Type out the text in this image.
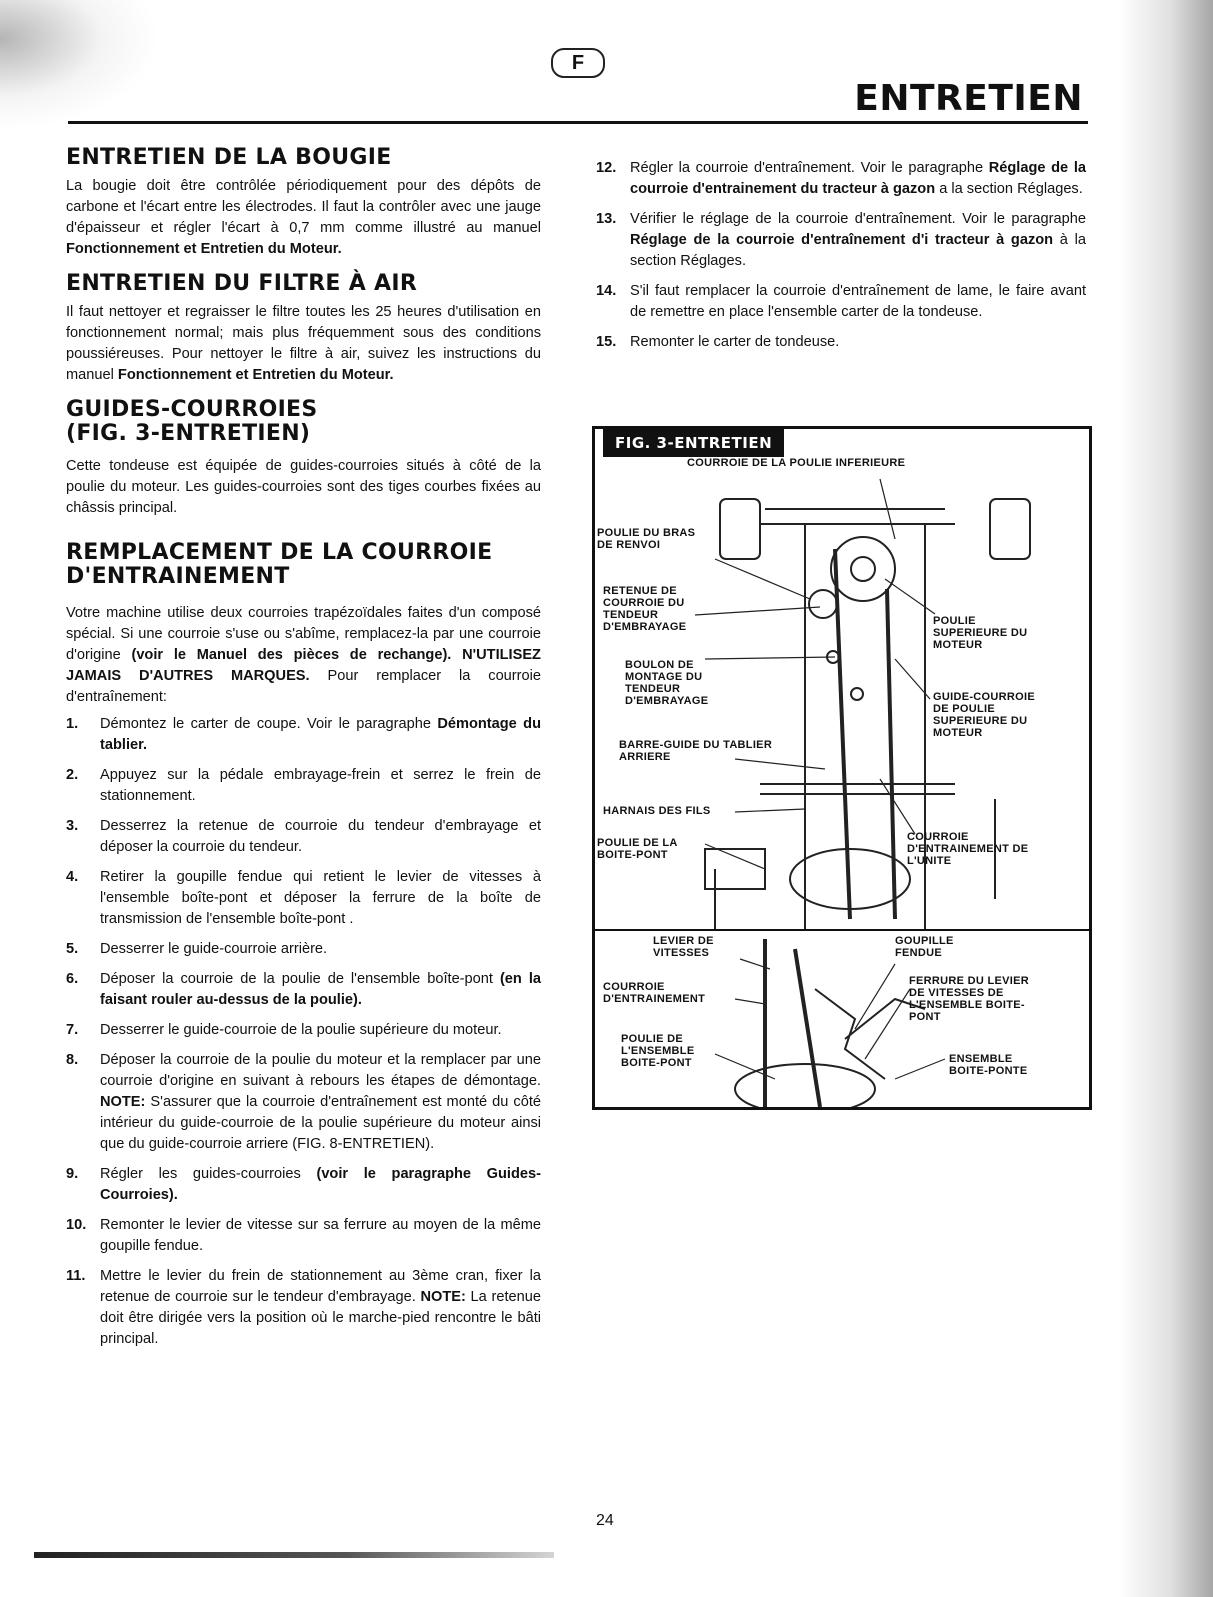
F
ENTRETIEN
ENTRETIEN DE LA BOUGIE

La bougie doit être contrôlée périodiquement pour des dépôts de carbone et l'écart entre les électrodes. Il faut la contrôler avec une jauge d'épaisseur et régler l'écart à 0,7 mm comme illustré au manuel Fonctionnement et Entretien du Moteur.

ENTRETIEN DU FILTRE À AIR

Il faut nettoyer et regraisser le filtre toutes les 25 heures d'utilisation en fonctionnement normal; mais plus fréquemment sous des conditions poussiéreuses. Pour nettoyer le filtre à air, suivez les instructions du manuel Fonctionnement et Entretien du Moteur.

GUIDES-COURROIES
(FIG. 3-ENTRETIEN)

Cette tondeuse est équipée de guides-courroies situés à côté de la poulie du moteur. Les guides-courroies sont des tiges courbes fixées au châssis principal.

REMPLACEMENT DE LA COURROIE
D'ENTRAINEMENT

Votre machine utilise deux courroies trapézoïdales faites d'un composé spécial. Si une courroie s'use ou s'abîme, remplacez-la par une courroie d'origine (voir le Manuel des pièces de rechange). N'UTILISEZ JAMAIS D'AUTRES MARQUES. Pour remplacer la courroie d'entraînement:

1. Démontez le carter de coupe. Voir le paragraphe Démontage du tablier.
2. Appuyez sur la pédale embrayage-frein et serrez le frein de stationnement.
3. Desserrez la retenue de courroie du tendeur d'embrayage et déposer la courroie du tendeur.
4. Retirer la goupille fendue qui retient le levier de vitesses à l'ensemble boîte-pont et déposer la ferrure de la boîte de transmission de l'ensemble boîte-pont .
5. Desserrer le guide-courroie arrière.
6. Déposer la courroie de la poulie de l'ensemble boîte-pont (en la faisant rouler au-dessus de la poulie).
7. Desserrer le guide-courroie de la poulie supérieure du moteur.
8. Déposer la courroie de la poulie du moteur et la remplacer par une courroie d'origine en suivant à rebours les étapes de démontage. NOTE: S'assurer que la courroie d'entraînement est monté du côté intérieur du guide-courroie de la poulie supérieure du moteur ainsi que du guide-courroie arriere (FIG. 8-ENTRETIEN).
9. Régler les guides-courroies (voir le paragraphe Guides-Courroies).
10. Remonter le levier de vitesse sur sa ferrure au moyen de la même goupille fendue.
11. Mettre le levier du frein de stationnement au 3ème cran, fixer la retenue de courroie sur le tendeur d'embrayage. NOTE: La retenue doit être dirigée vers la position où le marche-pied rencontre le bâti principal.
12. Régler la courroie d'entraînement. Voir le paragraphe Réglage de la courroie d'entrainement du tracteur à gazon a la section Réglages.
13. Vérifier le réglage de la courroie d'entraînement. Voir le paragraphe Réglage de la courroie d'entraînement d'i tracteur à gazon à la section Réglages.
14. S'il faut remplacer la courroie d'entraînement de lame, le faire avant de remettre en place l'ensemble carter de la tondeuse.
15. Remonter le carter de tondeuse.
FIG. 3-ENTRETIEN
COURROIE DE LA POULIE INFERIEURE
POULIE DU BRAS
DE RENVOI
RETENUE DE
COURROIE DU
TENDEUR
D'EMBRAYAGE	POULIE
SUPERIEURE DU
MOTEUR
BOULON DE
MONTAGE DU
TENDEUR
D'EMBRAYAGE	GUIDE-COURROIE
DE POULIE
SUPERIEURE DU
MOTEUR
BARRE-GUIDE DU TABLIER
ARRIERE
HARNAIS DES FILS
POULIE DE LA
BOITE-PONT
COURROIE
D'ENTRAINEMENT DE
L'UNITE
LEVIER DE
VITESSES
GOUPILLE
FENDUE
COURROIE
D'ENTRAINEMENT
FERRURE DU LEVIER
DE VITESSES DE
L'ENSEMBLE BOITE-
PONT
POULIE DE
L'ENSEMBLE
BOITE-PONT	ENSEMBLE
BOITE-PONTE
24
